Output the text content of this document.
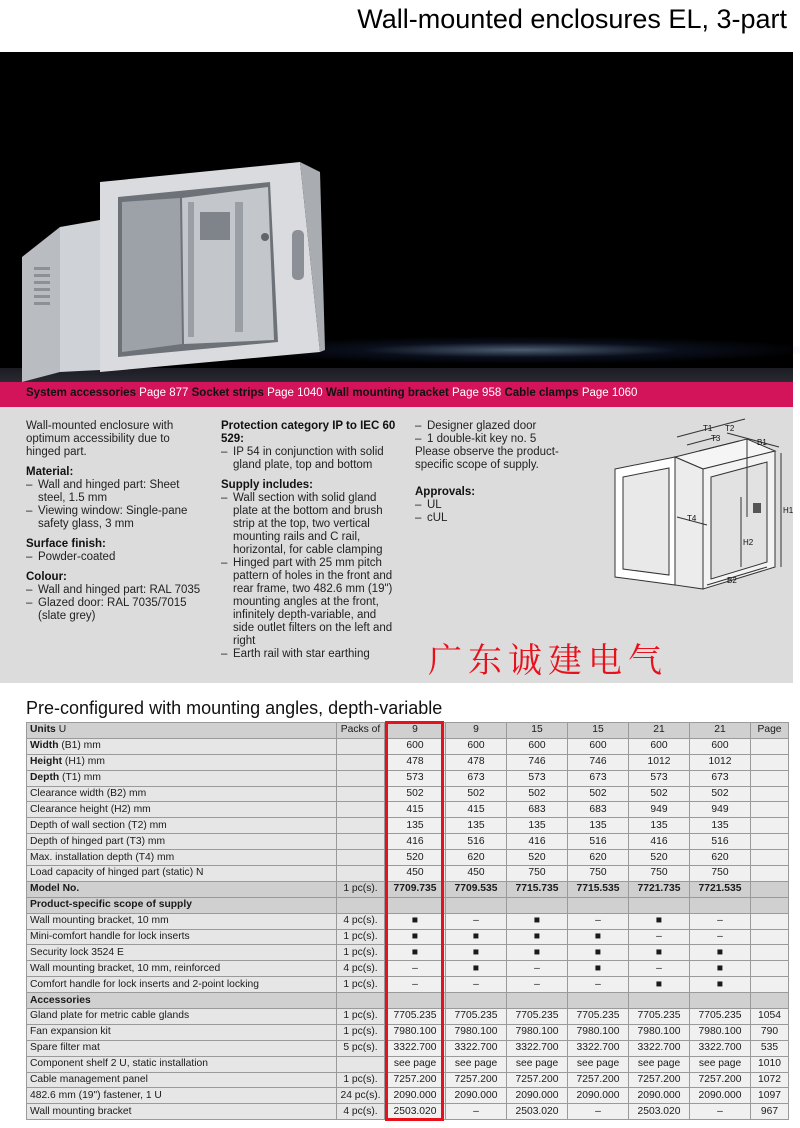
Wall-mounted enclosures EL, 3-part
System accessories Page 877 Socket strips Page 1040 Wall mounting bracket Page 958 Cable clamps Page 1060

Wall-mounted enclosure with optimum accessibility due to hinged part.

Material:
– Wall and hinged part: Sheet steel, 1.5 mm
– Viewing window: Single-pane safety glass, 3 mm
Surface finish:
– Powder-coated
Colour:
– Wall and hinged part: RAL 7035
– Glazed door: RAL 7035/7015 (slate grey)
Protection category IP to IEC 60 529:
– IP 54 in conjunction with solid gland plate, top and bottom
Supply includes:
– Wall section with solid gland plate at the bottom and brush strip at the top, two vertical mounting rails and C rail, horizontal, for cable clamping
– Hinged part with 25 mm pitch pattern of holes in the front and rear frame, two 482.6 mm (19") mounting angles at the front, infinitely depth-variable, and side outlet filters on the left and right
– Earth rail with star earthing
– Designer glazed door
– 1 double-kit key no. 5

Please observe the product-specific scope of supply.

Approvals:
– UL
– cUL
T1 T2
T3
T4
B1
B2
H1
H2
广东诚建电气
Pre-configured with mounting angles, depth-variable
Units U	Packs of	9	9	15	15	21	21	Page
Width (B1) mm		600	600	600	600	600	600	
Height (H1) mm		478	478	746	746	1012	1012	
Depth (T1) mm		573	673	573	673	573	673	
Clearance width (B2) mm		502	502	502	502	502	502	
Clearance height (H2) mm		415	415	683	683	949	949	
Depth of wall section (T2) mm		135	135	135	135	135	135	
Depth of hinged part (T3) mm		416	516	416	516	416	516	
Max. installation depth (T4) mm		520	620	520	620	520	620	
Load capacity of hinged part (static) N		450	450	750	750	750	750	
Model No.	1 pc(s).	7709.735	7709.535	7715.735	7715.535	7721.735	7721.535	
Product-specific scope of supply								
Wall mounting bracket, 10 mm	4 pc(s).	■	–	■	–	■	–	
Mini-comfort handle for lock inserts	1 pc(s).	■	■	■	■	–	–	
Security lock 3524 E	1 pc(s).	■	■	■	■	■	■	
Wall mounting bracket, 10 mm, reinforced	4 pc(s).	–	■	–	■	–	■	
Comfort handle for lock inserts and 2-point locking	1 pc(s).	–	–	–	–	■	■	
Accessories								
Gland plate for metric cable glands	1 pc(s).	7705.235	7705.235	7705.235	7705.235	7705.235	7705.235	1054
Fan expansion kit	1 pc(s).	7980.100	7980.100	7980.100	7980.100	7980.100	7980.100	790
Spare filter mat	5 pc(s).	3322.700	3322.700	3322.700	3322.700	3322.700	3322.700	535
Component shelf 2 U, static installation		see page	see page	see page	see page	see page	see page	1010
Cable management panel	1 pc(s).	7257.200	7257.200	7257.200	7257.200	7257.200	7257.200	1072
482.6 mm (19") fastener, 1 U	24 pc(s).	2090.000	2090.000	2090.000	2090.000	2090.000	2090.000	1097
Wall mounting bracket	4 pc(s).	2503.020	–	2503.020	–	2503.020	–	967
